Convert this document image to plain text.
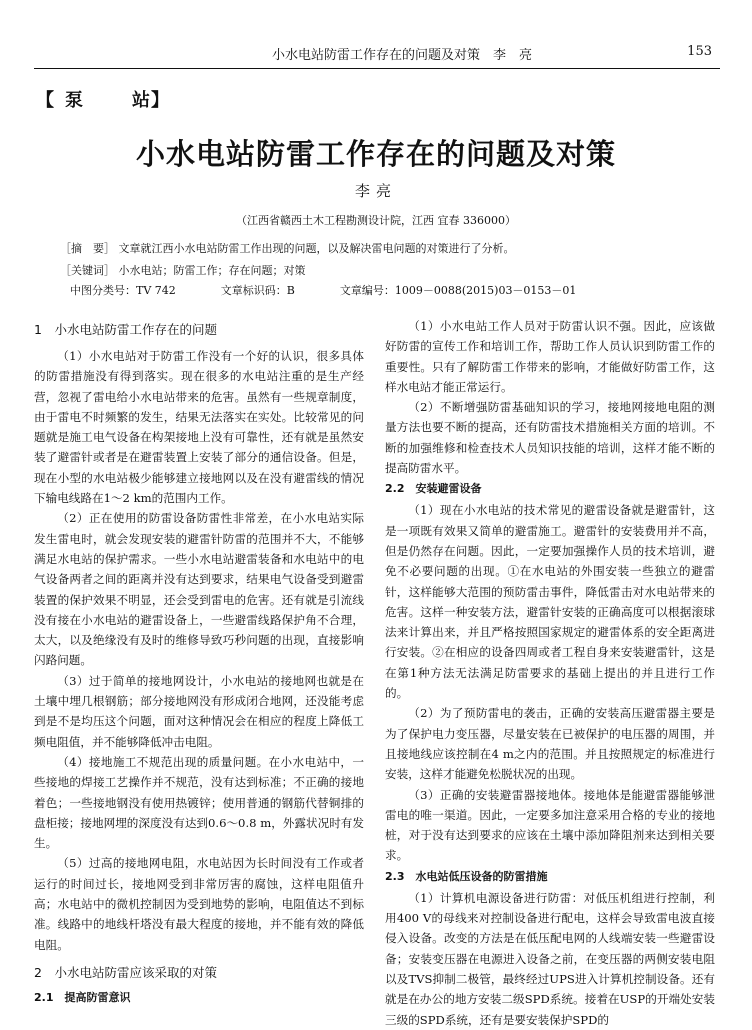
小水电站防雷工作存在的问题及对策　李　亮	153
【 泵	站】
小水电站防雷工作存在的问题及对策
李亮
（江西省赣西土木工程勘测设计院，江西 宜春 336000）
［摘　要］ 文章就江西小水电站防雷工作出现的问题，以及解决雷电问题的对策进行了分析。
［关键词］ 小水电站；防雷工作；存在问题；对策
中图分类号：TV 742	文章标识码：B	文章编号：1009－0088(2015)03－0153－01
1　小水电站防雷工作存在的问题

（1）小水电站对于防雷工作没有一个好的认识，很多具体的防雷措施没有得到落实。现在很多的水电站注重的是生产经营，忽视了雷电给小水电站带来的危害。虽然有一些规章制度，由于雷电不时频繁的发生，结果无法落实在实处。比较常见的问题就是施工电气设备在构架接地上没有可靠性，还有就是虽然安装了避雷针或者是在避雷装置上安装了部分的通信设备。但是，现在小型的水电站极少能够建立接地网以及在没有避雷线的情况下输电线路在1～2 km的范围内工作。

（2）正在使用的防雷设备防雷性非常差，在小水电站实际发生雷电时，就会发现安装的避雷针防雷的范围并不大，不能够满足水电站的保护需求。一些小水电站避雷装备和水电站中的电气设备两者之间的距离并没有达到要求，结果电气设备受到避雷装置的保护效果不明显，还会受到雷电的危害。还有就是引流线没有接在小水电站的避雷设备上，一些避雷线路保护角不合理，太大，以及绝缘没有及时的维修导致巧秒问题的出现，直接影响闪路问题。

（3）过于简单的接地网设计，小水电站的接地网也就是在土壤中埋几根钢筋；部分接地网没有形成闭合地网，还没能考虑到是不是均压这个问题，面对这种情况会在相应的程度上降低工频电阻值，并不能够降低冲击电阻。

（4）接地施工不规范出现的质量问题。在小水电站中，一些接地的焊接工艺操作并不规范，没有达到标准；不正确的接地着色；一些接地钢没有使用热镀锌；使用普通的钢筋代替铜排的盘柜接；接地网埋的深度没有达到0.6～0.8 m，外露状况时有发生。

（5）过高的接地网电阻，水电站因为长时间没有工作或者运行的时间过长，接地网受到非常厉害的腐蚀，这样电阻值升高；水电站中的微机控制因为受到地势的影响，电阻值达不到标准。线路中的地线杆塔没有最大程度的接地，并不能有效的降低电阻。

2　小水电站防雷应该采取的对策
2.1　提高防雷意识

（1）小水电站工作人员对于防雷认识不强。因此，应该做好防雷的宣传工作和培训工作，帮助工作人员认识到防雷工作的重要性。只有了解防雷工作带来的影响，才能做好防雷工作，这样水电站才能正常运行。

（2）不断增强防雷基础知识的学习，接地网接地电阻的测量方法也要不断的提高，还有防雷技术措施相关方面的培训。不断的加强维修和检查技术人员知识技能的培训，这样才能不断的提高防雷水平。

2.2　安装避雷设备

（1）现在小水电站的技术常见的避雷设备就是避雷针，这是一项既有效果又简单的避雷施工。避雷针的安装费用并不高，但是仍然存在问题。因此，一定要加强操作人员的技术培训，避免不必要问题的出现。①在水电站的外围安装一些独立的避雷针，这样能够大范围的预防雷击事件，降低雷击对水电站带来的危害。这样一种安装方法，避雷针安装的正确高度可以根据滚球法来计算出来，并且严格按照国家规定的避雷体系的安全距离进行安装。②在相应的设备四周或者工程自身来安装避雷针，这是在第1种方法无法满足防雷要求的基础上提出的并且进行工作的。

（2）为了预防雷电的袭击，正确的安装高压避雷器主要是为了保护电力变压器，尽量安装在已被保护的电压器的周围，并且接地线应该控制在4 m之内的范围。并且按照规定的标准进行安装，这样才能避免松脱状况的出现。

（3）正确的安装避雷器接地体。接地体是能避雷器能够泄雷电的唯一渠道。因此，一定要多加注意采用合格的专业的接地桩，对于没有达到要求的应该在土壤中添加降阻剂来达到相关要求。

2.3　水电站低压设备的防雷措施

（1）计算机电源设备进行防雷：对低压机组进行控制，利用400 V的母线来对控制设备进行配电，这样会导致雷电波直接侵入设备。改变的方法是在低压配电网的人线端安装一些避雷设备；安装变压器在电源进入设备之前，在变压器的两侧安装电阻以及TVS抑制二极管，最终经过UPS进入计算机控制设备。还有就是在办公的地方安装二级SPD系统。接着在USP的开端处安装三级的SPD系统，还有是要安装保护SPD的
